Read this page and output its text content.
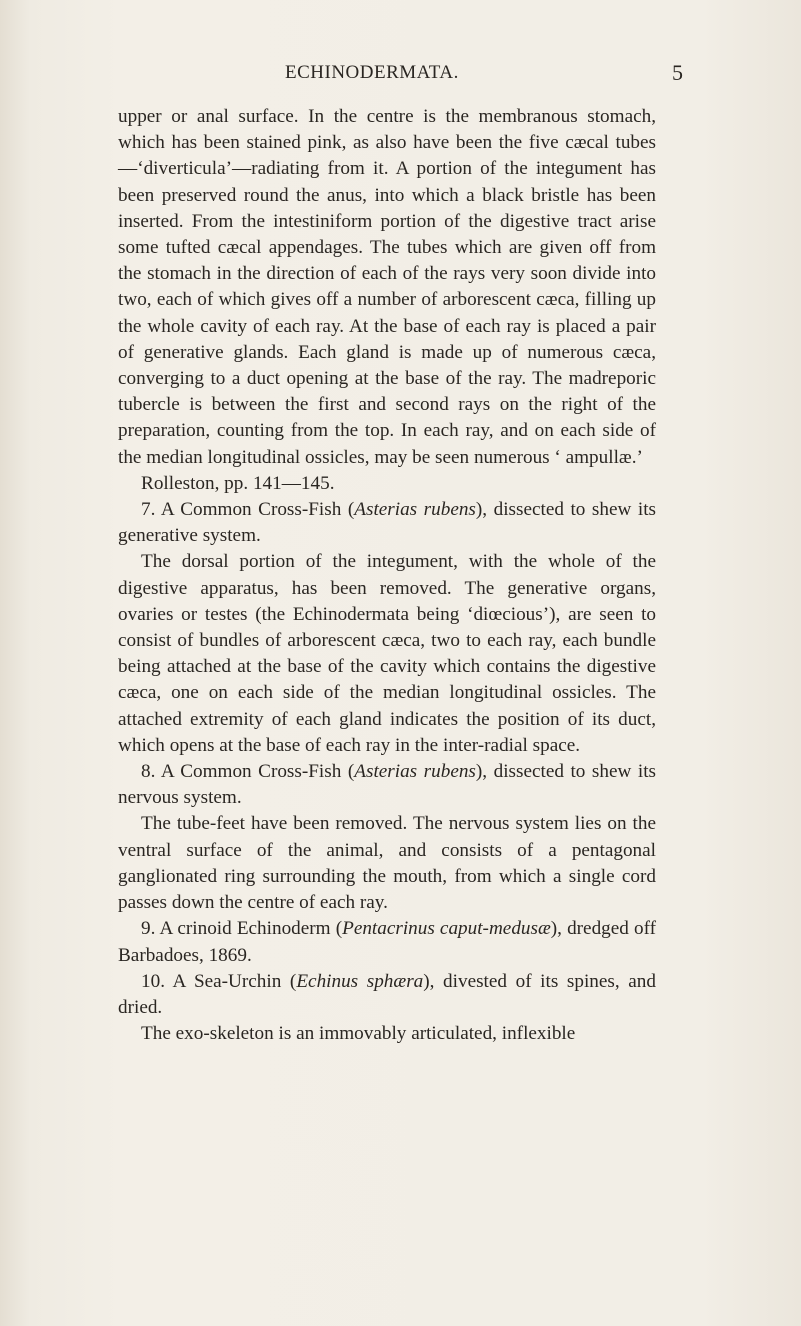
ECHINODERMATA.	5

upper or anal surface. In the centre is the membranous stomach, which has been stained pink, as also have been the five cæcal tubes—‘diverticula’—radiating from it. A portion of the integument has been preserved round the anus, into which a black bristle has been inserted. From the intestiniform portion of the digestive tract arise some tufted cæcal appendages. The tubes which are given off from the stomach in the direction of each of the rays very soon divide into two, each of which gives off a number of arborescent cæca, filling up the whole cavity of each ray. At the base of each ray is placed a pair of generative glands. Each gland is made up of numerous cæca, converging to a duct opening at the base of the ray. The madreporic tubercle is between the first and second rays on the right of the preparation, counting from the top. In each ray, and on each side of the median longitudinal ossicles, may be seen numerous ‘ ampullæ.’

Rolleston, pp. 141—145.

7. A Common Cross-Fish (Asterias rubens), dissected to shew its generative system.

The dorsal portion of the integument, with the whole of the digestive apparatus, has been removed. The generative organs, ovaries or testes (the Echinodermata being ‘diœcious’), are seen to consist of bundles of arborescent cæca, two to each ray, each bundle being attached at the base of the cavity which contains the digestive cæca, one on each side of the median longitudinal ossicles. The attached extremity of each gland indicates the position of its duct, which opens at the base of each ray in the inter-radial space.

8. A Common Cross-Fish (Asterias rubens), dissected to shew its nervous system.

The tube-feet have been removed. The nervous system lies on the ventral surface of the animal, and consists of a pentagonal ganglionated ring surrounding the mouth, from which a single cord passes down the centre of each ray.

9. A crinoid Echinoderm (Pentacrinus caput-medusæ), dredged off Barbadoes, 1869.

10. A Sea-Urchin (Echinus sphæra), divested of its spines, and dried.

The exo-skeleton is an immovably articulated, inflexible
